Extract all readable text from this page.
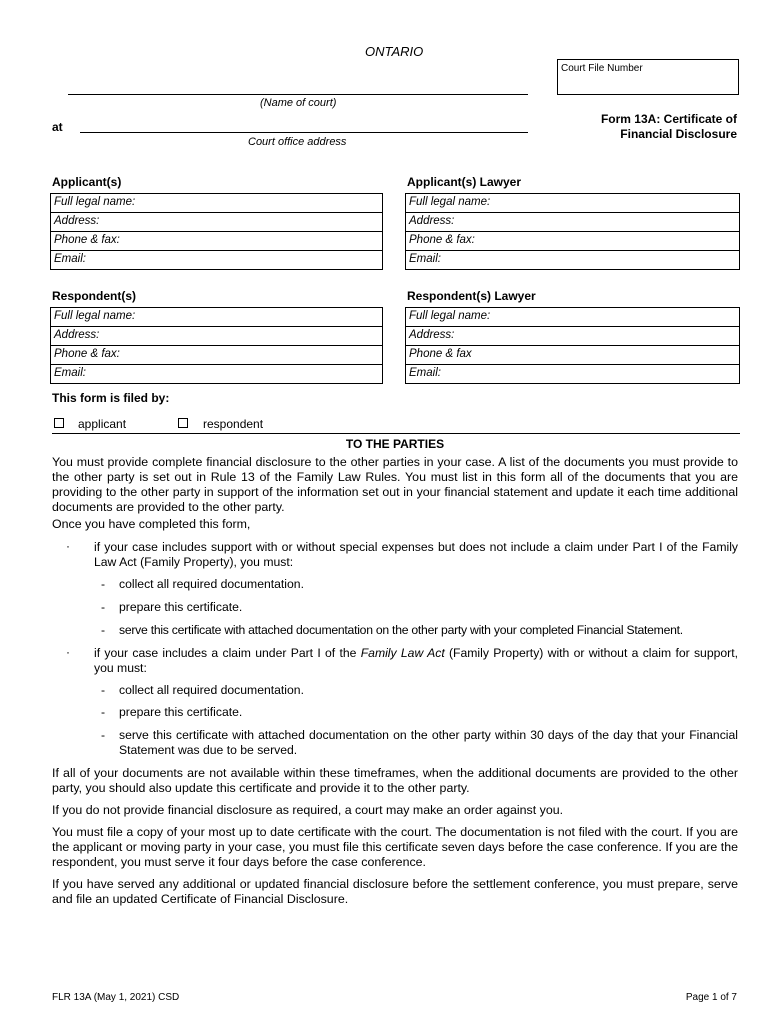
ONTARIO
Court File Number
(Name of court)
at
Court office address
Form 13A: Certificate of
Financial Disclosure
Applicant(s)
Full legal name:
Address:
Phone & fax:
Email:
Applicant(s) Lawyer
Full legal name:
Address:
Phone & fax:
Email:
Respondent(s)
Full legal name:
Address:
Phone & fax:
Email:
Respondent(s) Lawyer
Full legal name:
Address:
Phone & fax
Email:
This form is filed by:
applicant	respondent
TO THE PARTIES
You must provide complete financial disclosure to the other parties in your case. A list of the documents you must provide to the other party is set out in Rule 13 of the Family Law Rules. You must list in this form all of the documents that you are providing to the other party in support of the information set out in your financial statement and update it each time additional documents are provided to the other party.
Once you have completed this form,
· if your case includes support with or without special expenses but does not include a claim under Part I of the Family Law Act (Family Property), you must:
- collect all required documentation.
- prepare this certificate.
- serve this certificate with attached documentation on the other party with your completed Financial Statement.
· if your case includes a claim under Part I of the Family Law Act (Family Property) with or without a claim for support, you must:
- collect all required documentation.
- prepare this certificate.
- serve this certificate with attached documentation on the other party within 30 days of the day that your Financial Statement was due to be served.
If all of your documents are not available within these timeframes, when the additional documents are provided to the other party, you should also update this certificate and provide it to the other party.
If you do not provide financial disclosure as required, a court may make an order against you.
You must file a copy of your most up to date certificate with the court. The documentation is not filed with the court. If you are the applicant or moving party in your case, you must file this certificate seven days before the case conference. If you are the respondent, you must serve it four days before the case conference.
If you have served any additional or updated financial disclosure before the settlement conference, you must prepare, serve and file an updated Certificate of Financial Disclosure.
FLR 13A (May 1, 2021) CSD	Page 1 of 7
